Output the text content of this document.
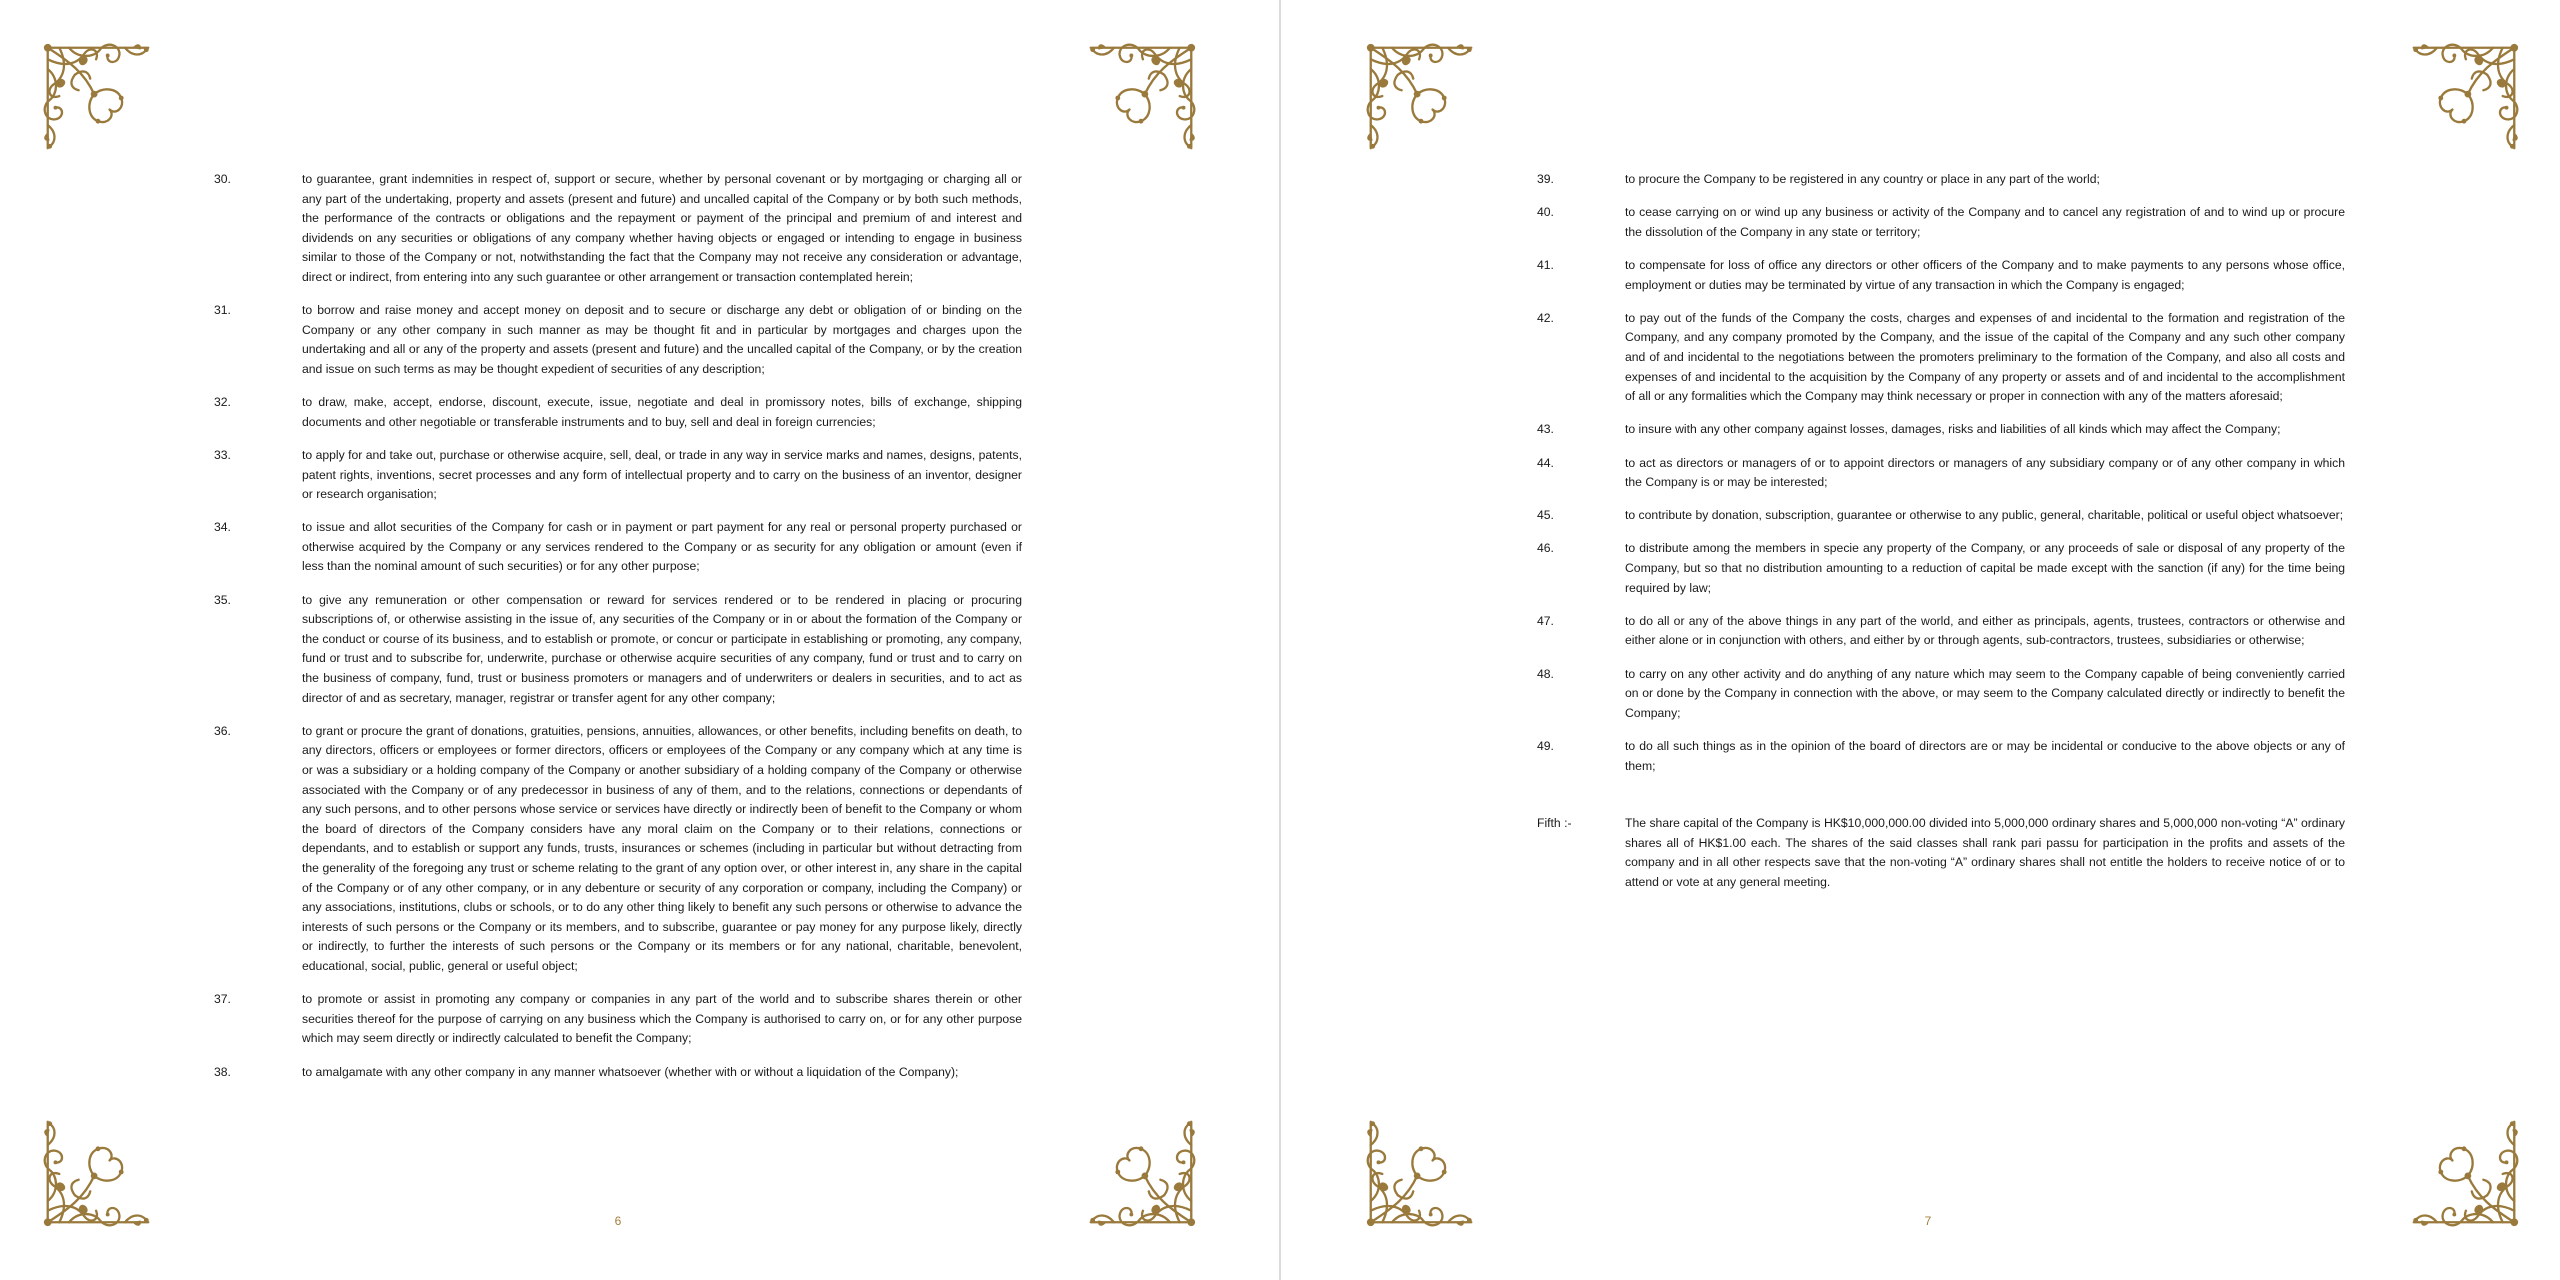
30.	to guarantee, grant indemnities in respect of, support or secure, whether by personal covenant or by mortgaging or charging all or any part of the undertaking, property and assets (present and future) and uncalled capital of the Company or by both such methods, the performance of the contracts or obligations and the repayment or payment of the principal and premium of and interest and dividends on any securities or obligations of any company whether having objects or engaged or intending to engage in business similar to those of the Company or not, notwithstanding the fact that the Company may not receive any consideration or advantage, direct or indirect, from entering into any such guarantee or other arrangement or transaction contemplated herein;
31.	to borrow and raise money and accept money on deposit and to secure or discharge any debt or obligation of or binding on the Company or any other company in such manner as may be thought fit and in particular by mortgages and charges upon the undertaking and all or any of the property and assets (present and future) and the uncalled capital of the Company, or by the creation and issue on such terms as may be thought expedient of securities of any description;
32.	to draw, make, accept, endorse, discount, execute, issue, negotiate and deal in promissory notes, bills of exchange, shipping documents and other negotiable or transferable instruments and to buy, sell and deal in foreign currencies;
33.	to apply for and take out, purchase or otherwise acquire, sell, deal, or trade in any way in service marks and names, designs, patents, patent rights, inventions, secret processes and any form of intellectual property and to carry on the business of an inventor, designer or research organisation;
34.	to issue and allot securities of the Company for cash or in payment or part payment for any real or personal property purchased or otherwise acquired by the Company or any services rendered to the Company or as security for any obligation or amount (even if less than the nominal amount of such securities) or for any other purpose;
35.	to give any remuneration or other compensation or reward for services rendered or to be rendered in placing or procuring subscriptions of, or otherwise assisting in the issue of, any securities of the Company or in or about the formation of the Company or the conduct or course of its business, and to establish or promote, or concur or participate in establishing or promoting, any company, fund or trust and to subscribe for, underwrite, purchase or otherwise acquire securities of any company, fund or trust and to carry on the business of company, fund, trust or business promoters or managers and of underwriters or dealers in securities, and to act as director of and as secretary, manager, registrar or transfer agent for any other company;
36.	to grant or procure the grant of donations, gratuities, pensions, annuities, allowances, or other benefits, including benefits on death, to any directors, officers or employees or former directors, officers or employees of the Company or any company which at any time is or was a subsidiary or a holding company of the Company or another subsidiary of a holding company of the Company or otherwise associated with the Company or of any predecessor in business of any of them, and to the relations, connections or dependants of any such persons, and to other persons whose service or services have directly or indirectly been of benefit to the Company or whom the board of directors of the Company considers have any moral claim on the Company or to their relations, connections or dependants, and to establish or support any funds, trusts, insurances or schemes (including in particular but without detracting from the generality of the foregoing any trust or scheme relating to the grant of any option over, or other interest in, any share in the capital of the Company or of any other company, or in any debenture or security of any corporation or company, including the Company) or any associations, institutions, clubs or schools, or to do any other thing likely to benefit any such persons or otherwise to advance the interests of such persons or the Company or its members, and to subscribe, guarantee or pay money for any purpose likely, directly or indirectly, to further the interests of such persons or the Company or its members or for any national, charitable, benevolent, educational, social, public, general or useful object;
37.	to promote or assist in promoting any company or companies in any part of the world and to subscribe shares therein or other securities thereof for the purpose of carrying on any business which the Company is authorised to carry on, or for any other purpose which may seem directly or indirectly calculated to benefit the Company;
38.	to amalgamate with any other company in any manner whatsoever (whether with or without a liquidation of the Company);
6
39.	to procure the Company to be registered in any country or place in any part of the world;
40.	to cease carrying on or wind up any business or activity of the Company and to cancel any registration of and to wind up or procure the dissolution of the Company in any state or territory;
41.	to compensate for loss of office any directors or other officers of the Company and to make payments to any persons whose office, employment or duties may be terminated by virtue of any transaction in which the Company is engaged;
42.	to pay out of the funds of the Company the costs, charges and expenses of and incidental to the formation and registration of the Company, and any company promoted by the Company, and the issue of the capital of the Company and any such other company and of and incidental to the negotiations between the promoters preliminary to the formation of the Company, and also all costs and expenses of and incidental to the acquisition by the Company of any property or assets and of and incidental to the accomplishment of all or any formalities which the Company may think necessary or proper in connection with any of the matters aforesaid;
43.	to insure with any other company against losses, damages, risks and liabilities of all kinds which may affect the Company;
44.	to act as directors or managers of or to appoint directors or managers of any subsidiary company or of any other company in which the Company is or may be interested;
45.	to contribute by donation, subscription, guarantee or otherwise to any public, general, charitable, political or useful object whatsoever;
46.	to distribute among the members in specie any property of the Company, or any proceeds of sale or disposal of any property of the Company, but so that no distribution amounting to a reduction of capital be made except with the sanction (if any) for the time being required by law;
47.	to do all or any of the above things in any part of the world, and either as principals, agents, trustees, contractors or otherwise and either alone or in conjunction with others, and either by or through agents, sub-contractors, trustees, subsidiaries or otherwise;
48.	to carry on any other activity and do anything of any nature which may seem to the Company capable of being conveniently carried on or done by the Company in connection with the above, or may seem to the Company calculated directly or indirectly to benefit the Company;
49.	to do all such things as in the opinion of the board of directors are or may be incidental or conducive to the above objects or any of them;
Fifth :-	The share capital of the Company is HK$10,000,000.00 divided into 5,000,000 ordinary shares and 5,000,000 non-voting “A” ordinary shares all of HK$1.00 each. The shares of the said classes shall rank pari passu for participation in the profits and assets of the company and in all other respects save that the non-voting “A” ordinary shares shall not entitle the holders to receive notice of or to attend or vote at any general meeting.
7
